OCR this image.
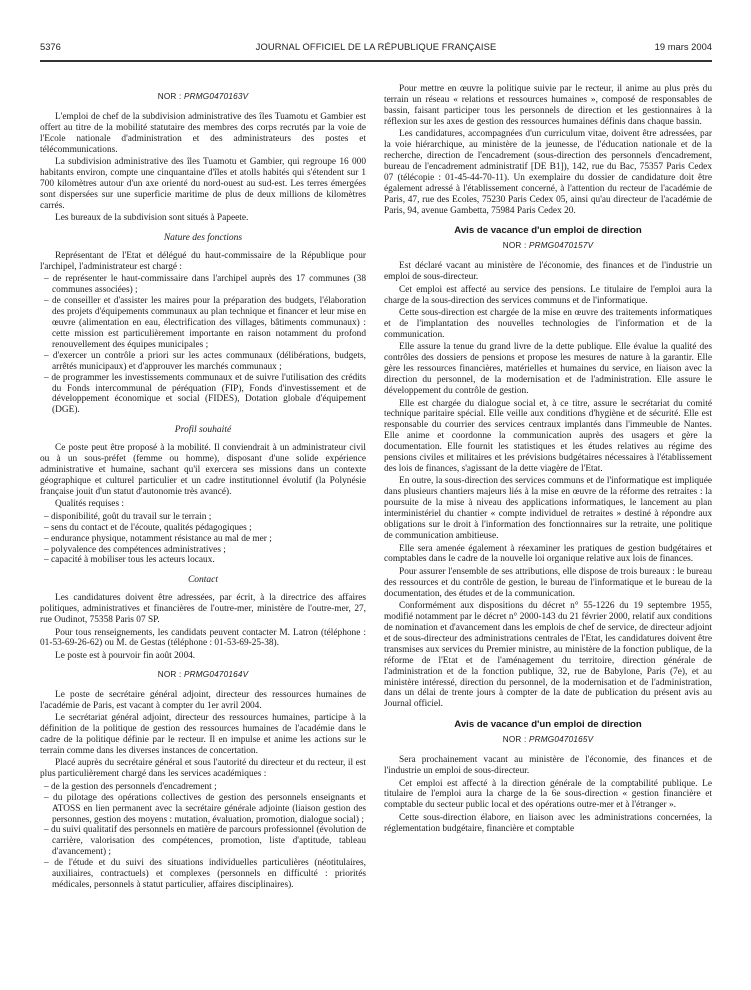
5376	JOURNAL OFFICIEL DE LA RÉPUBLIQUE FRANÇAISE	19 mars 2004
NOR : PRMG0470163V

L'emploi de chef de la subdivision administrative des îles Tuamotu et Gambier est offert au titre de la mobilité statutaire des membres des corps recrutés par la voie de l'Ecole nationale d'administration et des administrateurs des postes et télécommunications.

La subdivision administrative des îles Tuamotu et Gambier, qui regroupe 16 000 habitants environ, compte une cinquantaine d'îles et atolls habités qui s'étendent sur 1 700 kilomètres autour d'un axe orienté du nord-ouest au sud-est. Les terres émergées sont dispersées sur une superficie maritime de plus de deux millions de kilomètres carrés.

Les bureaux de la subdivision sont situés à Papeete.

Nature des fonctions

Représentant de l'Etat et délégué du haut-commissaire de la République pour l'archipel, l'administrateur est chargé :

– de représenter le haut-commissaire dans l'archipel auprès des 17 communes (38 communes associées) ;
– de conseiller et d'assister les maires pour la préparation des budgets, l'élaboration des projets d'équipements communaux au plan technique et financer et leur mise en œuvre (alimentation en eau, électrification des villages, bâtiments communaux) : cette mission est particulièrement importante en raison notamment du profond renouvellement des équipes municipales ;
– d'exercer un contrôle a priori sur les actes communaux (délibérations, budgets, arrêtés municipaux) et d'approuver les marchés communaux ;
– de programmer les investissements communaux et de suivre l'utilisation des crédits du Fonds intercommunal de péréquation (FIP), Fonds d'investissement et de développement économique et social (FIDES), Dotation globale d'équipement (DGE).
Profil souhaité

Ce poste peut être proposé à la mobilité. Il conviendrait à un administrateur civil ou à un sous-préfet (femme ou homme), disposant d'une solide expérience administrative et humaine, sachant qu'il exercera ses missions dans un contexte géographique et culturel particulier et un cadre institutionnel évolutif (la Polynésie française jouit d'un statut d'autonomie très avancé).

Qualités requises :

– disponibilité, goût du travail sur le terrain ;
– sens du contact et de l'écoute, qualités pédagogiques ;
– endurance physique, notamment résistance au mal de mer ;
– polyvalence des compétences administratives ;
– capacité à mobiliser tous les acteurs locaux.
Contact

Les candidatures doivent être adressées, par écrit, à la directrice des affaires politiques, administratives et financières de l'outre-mer, ministère de l'outre-mer, 27, rue Oudinot, 75358 Paris 07 SP.

Pour tous renseignements, les candidats peuvent contacter M. Latron (téléphone : 01-53-69-26-62) ou M. de Gestas (téléphone : 01-53-69-25-38).

Le poste est à pourvoir fin août 2004.

NOR : PRMG0470164V

Le poste de secrétaire général adjoint, directeur des ressources humaines de l'académie de Paris, est vacant à compter du 1er avril 2004.

Le secrétariat général adjoint, directeur des ressources humaines, participe à la définition de la politique de gestion des ressources humaines de l'académie dans le cadre de la politique définie par le recteur. Il en impulse et anime les actions sur le terrain comme dans les diverses instances de concertation.

Placé auprès du secrétaire général et sous l'autorité du directeur et du recteur, il est plus particulièrement chargé dans les services académiques :

– de la gestion des personnels d'encadrement ;
– du pilotage des opérations collectives de gestion des personnels enseignants et ATOSS en lien permanent avec la secrétaire générale adjointe (liaison gestion des personnes, gestion des moyens : mutation, évaluation, promotion, dialogue social) ;
– du suivi qualitatif des personnels en matière de parcours professionnel (évolution de carrière, valorisation des compétences, promotion, liste d'aptitude, tableau d'avancement) ;
– de l'étude et du suivi des situations individuelles particulières (néotitulaires, auxiliaires, contractuels) et complexes (personnels en difficulté : priorités médicales, personnels à statut particulier, affaires disciplinaires).

Pour mettre en œuvre la politique suivie par le recteur, il anime au plus près du terrain un réseau « relations et ressources humaines », composé de responsables de bassin, faisant participer tous les personnels de direction et les gestionnaires à la réflexion sur les axes de gestion des ressources humaines définis dans chaque bassin.

Les candidatures, accompagnées d'un curriculum vitae, doivent être adressées, par la voie hiérarchique, au ministère de la jeunesse, de l'éducation nationale et de la recherche, direction de l'encadrement (sous-direction des personnels d'encadrement, bureau de l'encadrement administratif [DE B1]), 142, rue du Bac, 75357 Paris Cedex 07 (télécopie : 01-45-44-70-11). Un exemplaire du dossier de candidature doit être également adressé à l'établissement concerné, à l'attention du recteur de l'académie de Paris, 47, rue des Ecoles, 75230 Paris Cedex 05, ainsi qu'au directeur de l'académie de Paris, 94, avenue Gambetta, 75984 Paris Cedex 20.

Avis de vacance d'un emploi de direction
NOR : PRMG0470157V

Est déclaré vacant au ministère de l'économie, des finances et de l'industrie un emploi de sous-directeur.

Cet emploi est affecté au service des pensions. Le titulaire de l'emploi aura la charge de la sous-direction des services communs et de l'informatique.

Cette sous-direction est chargée de la mise en œuvre des traitements informatiques et de l'implantation des nouvelles technologies de l'information et de la communication.

Elle assure la tenue du grand livre de la dette publique. Elle évalue la qualité des contrôles des dossiers de pensions et propose les mesures de nature à la garantir. Elle gère les ressources financières, matérielles et humaines du service, en liaison avec la direction du personnel, de la modernisation et de l'administration. Elle assure le développement du contrôle de gestion.

Elle est chargée du dialogue social et, à ce titre, assure le secrétariat du comité technique paritaire spécial. Elle veille aux conditions d'hygiène et de sécurité. Elle est responsable du courrier des services centraux implantés dans l'immeuble de Nantes. Elle anime et coordonne la communication auprès des usagers et gère la documentation. Elle fournit les statistiques et les études relatives au régime des pensions civiles et militaires et les prévisions budgétaires nécessaires à l'établissement des lois de finances, s'agissant de la dette viagère de l'Etat.

En outre, la sous-direction des services communs et de l'informatique est impliquée dans plusieurs chantiers majeurs liés à la mise en œuvre de la réforme des retraites : la poursuite de la mise à niveau des applications informatiques, le lancement au plan interministériel du chantier « compte individuel de retraites » destiné à répondre aux obligations sur le droit à l'information des fonctionnaires sur la retraite, une politique de communication ambitieuse.

Elle sera amenée également à réexaminer les pratiques de gestion budgétaires et comptables dans le cadre de la nouvelle loi organique relative aux lois de finances.

Pour assurer l'ensemble de ses attributions, elle dispose de trois bureaux : le bureau des ressources et du contrôle de gestion, le bureau de l'informatique et le bureau de la documentation, des études et de la communication.

Conformément aux dispositions du décret n° 55-1226 du 19 septembre 1955, modifié notamment par le décret n° 2000-143 du 21 février 2000, relatif aux conditions de nomination et d'avancement dans les emplois de chef de service, de directeur adjoint et de sous-directeur des administrations centrales de l'Etat, les candidatures doivent être transmises aux services du Premier ministre, au ministère de la fonction publique, de la réforme de l'Etat et de l'aménagement du territoire, direction générale de l'administration et de la fonction publique, 32, rue de Babylone, Paris (7e), et au ministère intéressé, direction du personnel, de la modernisation et de l'administration, dans un délai de trente jours à compter de la date de publication du présent avis au Journal officiel.

Avis de vacance d'un emploi de direction
NOR : PRMG0470165V

Sera prochainement vacant au ministère de l'économie, des finances et de l'industrie un emploi de sous-directeur.

Cet emploi est affecté à la direction générale de la comptabilité publique. Le titulaire de l'emploi aura la charge de la 6e sous-direction « gestion financière et comptable du secteur public local et des opérations outre-mer et à l'étranger ».

Cette sous-direction élabore, en liaison avec les administrations concernées, la réglementation budgétaire, financière et comptable
